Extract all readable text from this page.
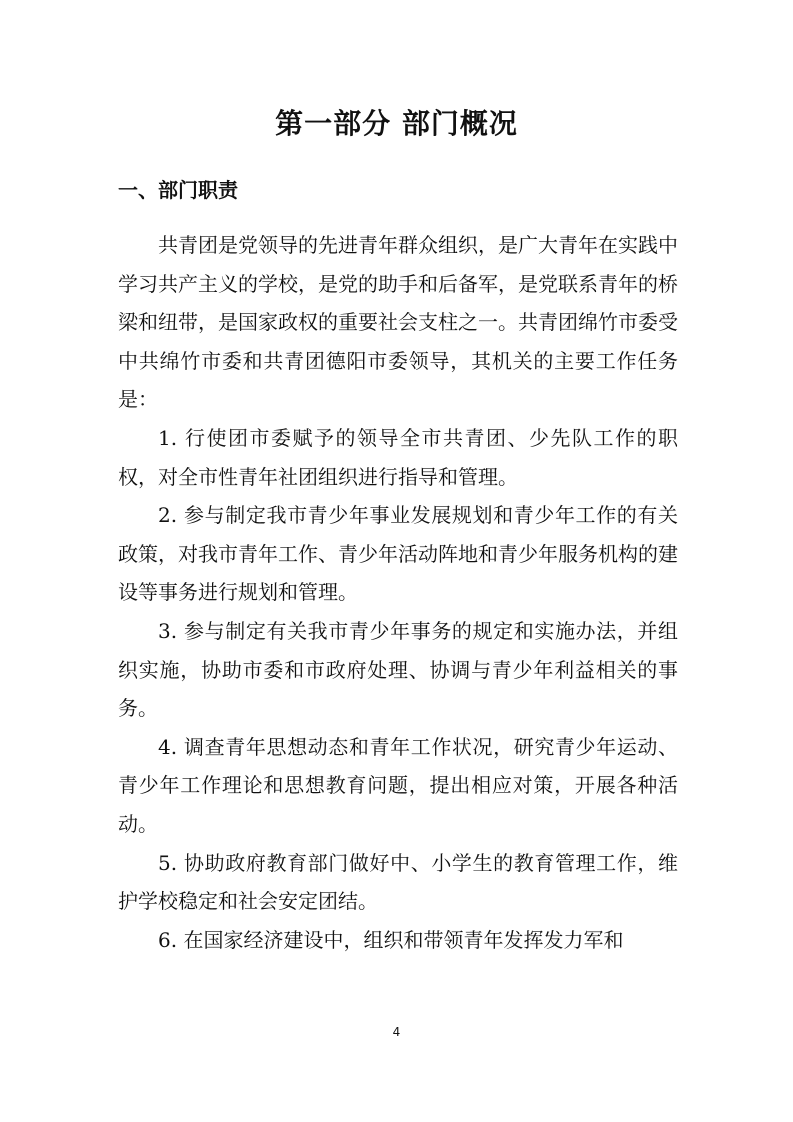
第一部分 部门概况
一、部门职责

共青团是党领导的先进青年群众组织，是广大青年在实践中学习共产主义的学校，是党的助手和后备军，是党联系青年的桥梁和纽带，是国家政权的重要社会支柱之一。共青团绵竹市委受中共绵竹市委和共青团德阳市委领导，其机关的主要工作任务是：

1. 行使团市委赋予的领导全市共青团、少先队工作的职权，对全市性青年社团组织进行指导和管理。

2. 参与制定我市青少年事业发展规划和青少年工作的有关政策，对我市青年工作、青少年活动阵地和青少年服务机构的建设等事务进行规划和管理。

3. 参与制定有关我市青少年事务的规定和实施办法，并组织实施，协助市委和市政府处理、协调与青少年利益相关的事务。

4. 调查青年思想动态和青年工作状况，研究青少年运动、青少年工作理论和思想教育问题，提出相应对策，开展各种活动。

5. 协助政府教育部门做好中、小学生的教育管理工作，维护学校稳定和社会安定团结。

6. 在国家经济建设中，组织和带领青年发挥发力军和

4
